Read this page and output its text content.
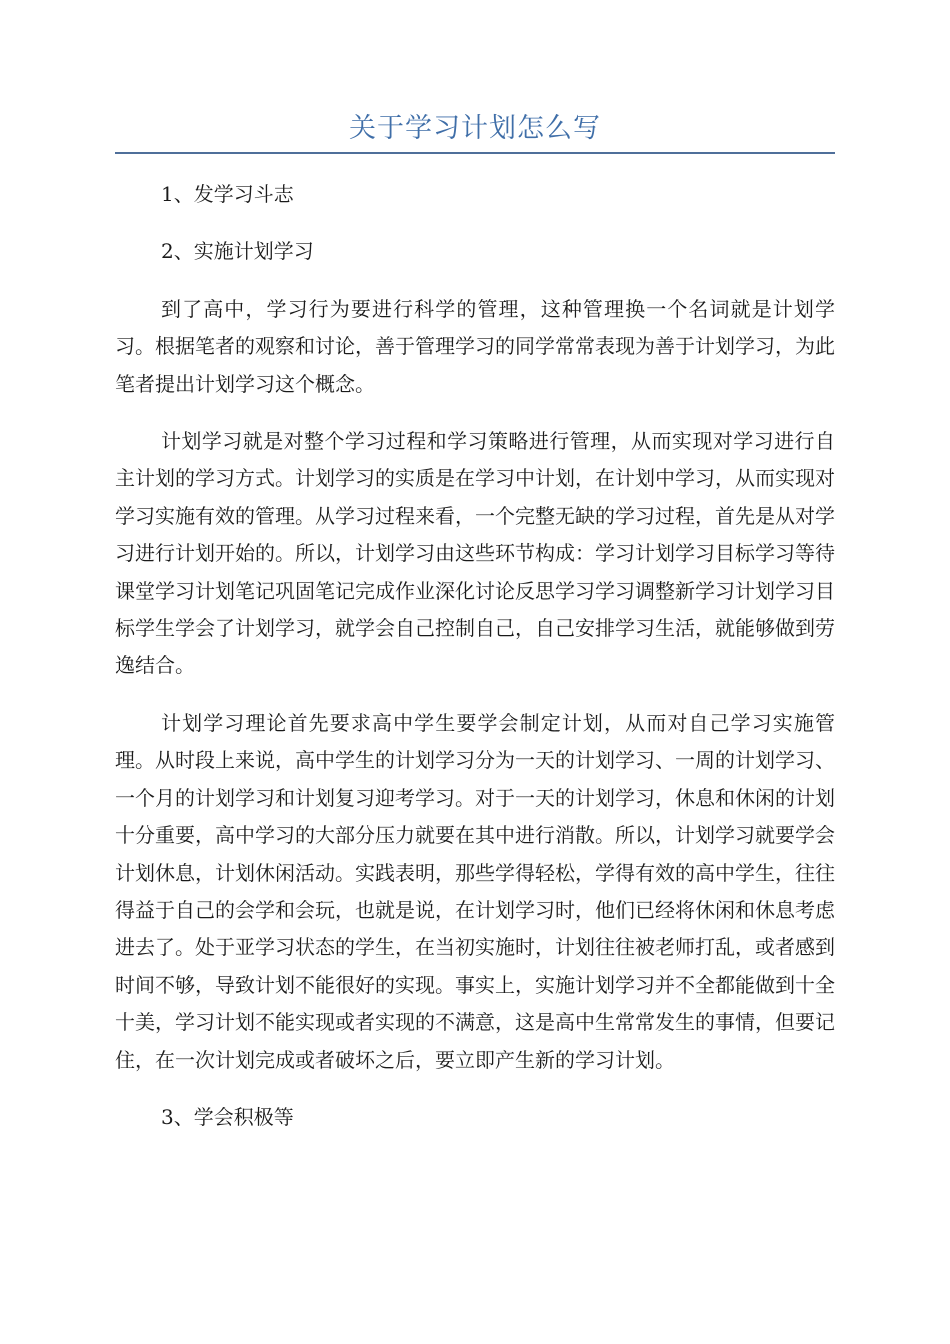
关于学习计划怎么写

1、发学习斗志

2、实施计划学习

到了高中，学习行为要进行科学的管理，这种管理换一个名词就是计划学习。根据笔者的观察和讨论，善于管理学习的同学常常表现为善于计划学习，为此笔者提出计划学习这个概念。

计划学习就是对整个学习过程和学习策略进行管理，从而实现对学习进行自主计划的学习方式。计划学习的实质是在学习中计划，在计划中学习，从而实现对学习实施有效的管理。从学习过程来看，一个完整无缺的学习过程，首先是从对学习进行计划开始的。所以，计划学习由这些环节构成：学习计划学习目标学习等待课堂学习计划笔记巩固笔记完成作业深化讨论反思学习学习调整新学习计划学习目标学生学会了计划学习，就学会自己控制自己，自己安排学习生活，就能够做到劳逸结合。

计划学习理论首先要求高中学生要学会制定计划，从而对自己学习实施管理。从时段上来说，高中学生的计划学习分为一天的计划学习、一周的计划学习、一个月的计划学习和计划复习迎考学习。对于一天的计划学习，休息和休闲的计划十分重要，高中学习的大部分压力就要在其中进行消散。所以，计划学习就要学会计划休息，计划休闲活动。实践表明，那些学得轻松，学得有效的高中学生，往往得益于自己的会学和会玩，也就是说，在计划学习时，他们已经将休闲和休息考虑进去了。处于亚学习状态的学生，在当初实施时，计划往往被老师打乱，或者感到时间不够，导致计划不能很好的实现。事实上，实施计划学习并不全都能做到十全十美，学习计划不能实现或者实现的不满意，这是高中生常常发生的事情，但要记住，在一次计划完成或者破坏之后，要立即产生新的学习计划。

3、学会积极等
